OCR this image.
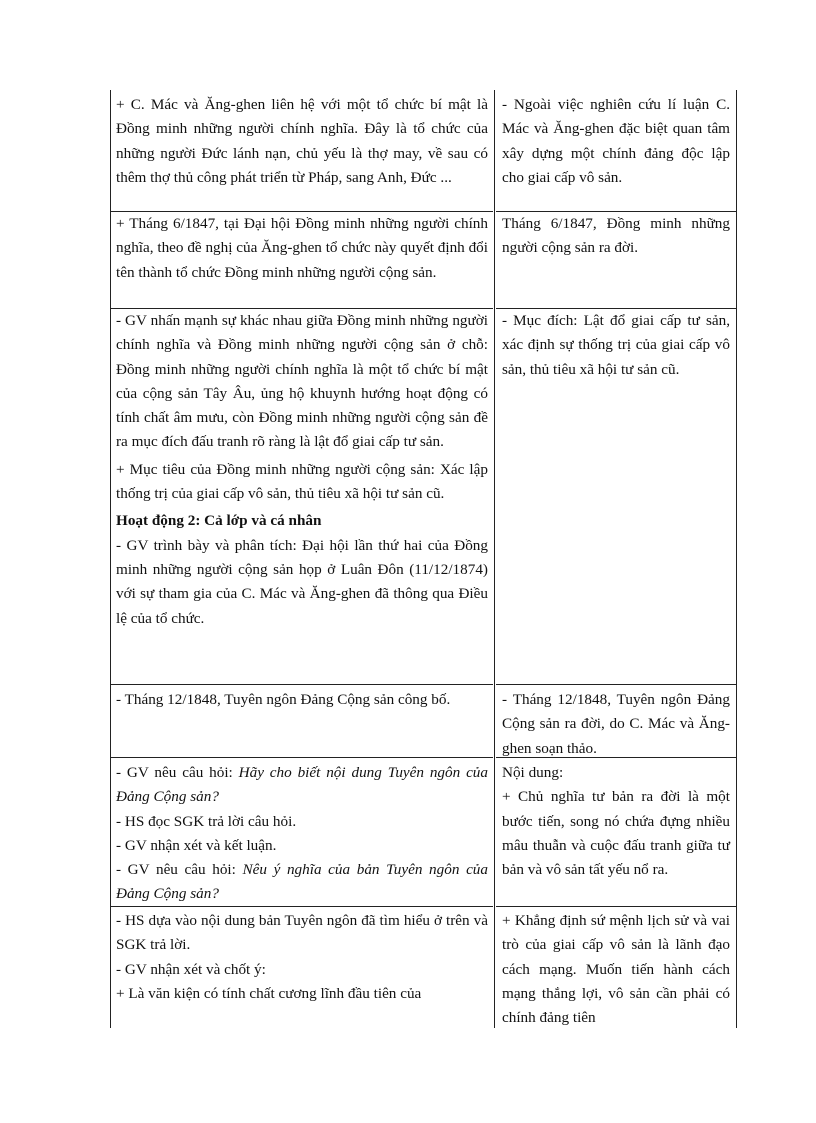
+ C. Mác và Ăng-ghen liên hệ với một tổ chức bí mật là Đồng minh những người chính nghĩa. Đây là tổ chức của những người Đức lánh nạn, chủ yếu là thợ may, về sau có thêm thợ thủ công phát triển từ Pháp, sang Anh, Đức ...

+ Tháng 6/1847, tại Đại hội Đồng minh những người chính nghĩa, theo đề nghị của Ăng-ghen tổ chức này quyết định đổi tên thành tổ chức Đồng minh những người cộng sản.

- GV nhấn mạnh sự khác nhau giữa Đồng minh những người chính nghĩa và Đồng minh những người cộng sản ở chỗ: Đồng minh những người chính nghĩa là một tổ chức bí mật của cộng sản Tây Âu, ủng hộ khuynh hướng hoạt động có tính chất âm mưu, còn Đồng minh những người cộng sản đề ra mục đích đấu tranh rõ ràng là lật đổ giai cấp tư sản.

+ Mục tiêu của Đồng minh những người cộng sản: Xác lập thống trị của giai cấp vô sản, thủ tiêu xã hội tư sản cũ.

Hoạt động 2: Cả lớp và cá nhân

- GV trình bày và phân tích: Đại hội lần thứ hai của Đồng minh những người cộng sản họp ở Luân Đôn (11/12/1874) với sự tham gia của C. Mác và Ăng-ghen đã thông qua Điều lệ của tổ chức.

- Tháng 12/1848, Tuyên ngôn Đảng Cộng sản công bố.

- GV nêu câu hỏi: Hãy cho biết nội dung Tuyên ngôn của Đảng Cộng sản?

- HS đọc SGK trả lời câu hỏi.

- GV nhận xét và kết luận.

- GV nêu câu hỏi: Nêu ý nghĩa của bản Tuyên ngôn của Đảng Cộng sản?

- HS dựa vào nội dung bản Tuyên ngôn đã tìm hiểu ở trên và SGK trả lời.

- GV nhận xét và chốt ý:

+ Là văn kiện có tính chất cương lĩnh đầu tiên của

- Ngoài việc nghiên cứu lí luận C. Mác và Ăng-ghen đặc biệt quan tâm xây dựng một chính đảng độc lập cho giai cấp vô sản.

Tháng 6/1847, Đồng minh những người cộng sản ra đời.

- Mục đích: Lật đổ giai cấp tư sản, xác định sự thống trị của giai cấp vô sản, thủ tiêu xã hội tư sản cũ.

- Tháng 12/1848, Tuyên ngôn Đảng Cộng sản ra đời, do C. Mác và Ăng-ghen soạn thảo.

Nội dung:

+ Chủ nghĩa tư bản ra đời là một bước tiến, song nó chứa đựng nhiều mâu thuẫn và cuộc đấu tranh giữa tư bản và vô sản tất yếu nổ ra.

+ Khẳng định sứ mệnh lịch sử và vai trò của giai cấp vô sản là lãnh đạo cách mạng. Muốn tiến hành cách mạng thắng lợi, vô sản cần phải có chính đảng tiên
